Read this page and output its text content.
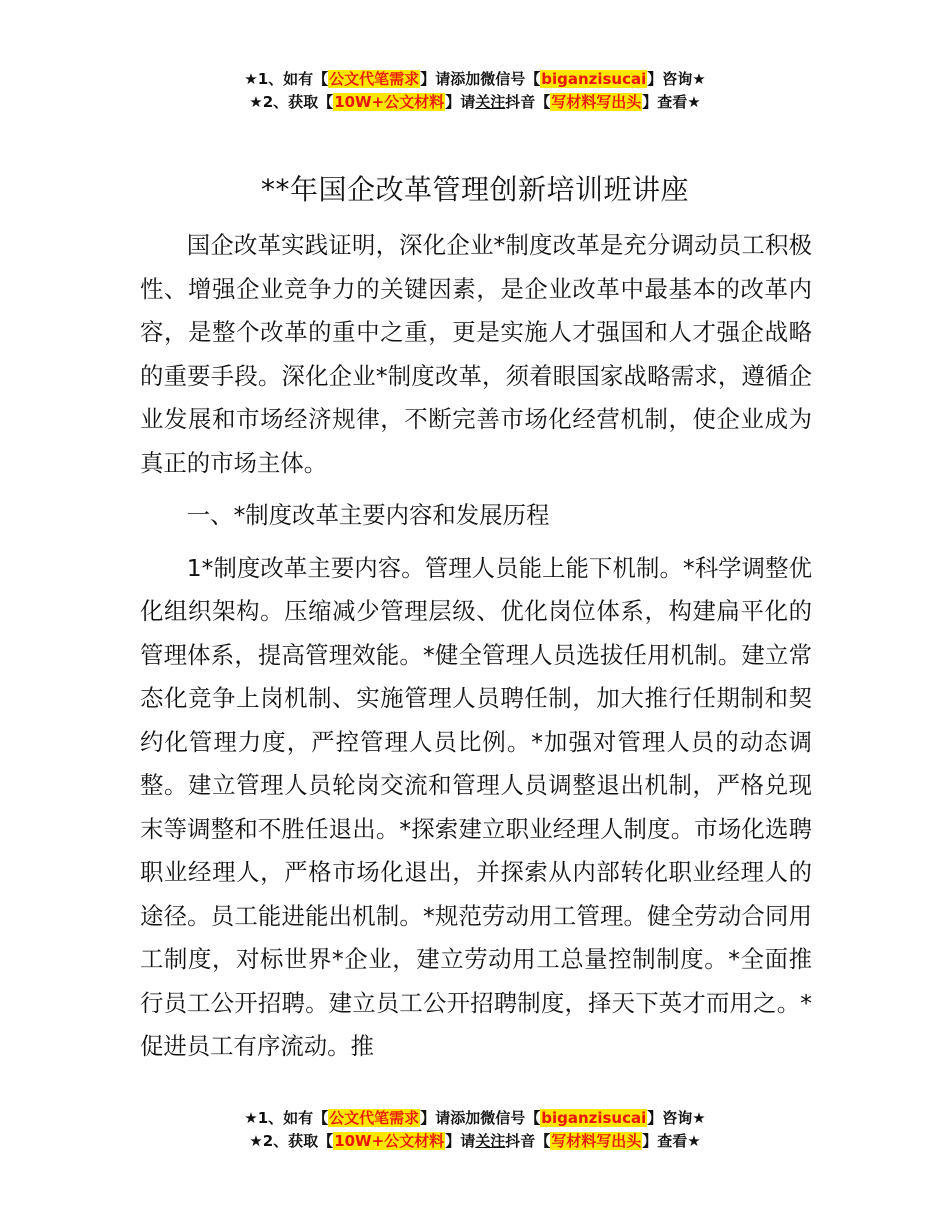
★1、如有【公文代笔需求】请添加微信号【biganzisucai】咨询★
★2、获取【10W+公文材料】请关注抖音【写材料写出头】查看★
**年国企改革管理创新培训班讲座

国企改革实践证明，深化企业*制度改革是充分调动员工积极性、增强企业竞争力的关键因素，是企业改革中最基本的改革内容，是整个改革的重中之重，更是实施人才强国和人才强企战略的重要手段。深化企业*制度改革，须着眼国家战略需求，遵循企业发展和市场经济规律，不断完善市场化经营机制，使企业成为真正的市场主体。

一、*制度改革主要内容和发展历程

1*制度改革主要内容。管理人员能上能下机制。*科学调整优化组织架构。压缩减少管理层级、优化岗位体系，构建扁平化的管理体系，提高管理效能。*健全管理人员选拔任用机制。建立常态化竞争上岗机制、实施管理人员聘任制，加大推行任期制和契约化管理力度，严控管理人员比例。*加强对管理人员的动态调整。建立管理人员轮岗交流和管理人员调整退出机制，严格兑现末等调整和不胜任退出。*探索建立职业经理人制度。市场化选聘职业经理人，严格市场化退出，并探索从内部转化职业经理人的途径。员工能进能出机制。*规范劳动用工管理。健全劳动合同用工制度，对标世界*企业，建立劳动用工总量控制制度。*全面推行员工公开招聘。建立员工公开招聘制度，择天下英才而用之。*促进员工有序流动。推

★1、如有【公文代笔需求】请添加微信号【biganzisucai】咨询★
★2、获取【10W+公文材料】请关注抖音【写材料写出头】查看★
